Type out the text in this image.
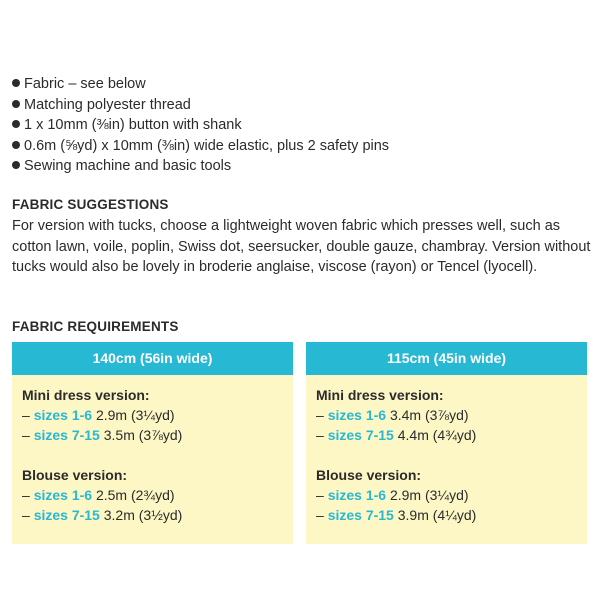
Fabric – see below
Matching polyester thread
1 x 10mm (⅜in) button with shank
0.6m (⅝yd) x 10mm (⅜in) wide elastic, plus 2 safety pins
Sewing machine and basic tools
FABRIC SUGGESTIONS
For version with tucks, choose a lightweight woven fabric which presses well, such as cotton lawn, voile, poplin, Swiss dot, seersucker, double gauze, chambray. Version without tucks would also be lovely in broderie anglaise, viscose (rayon) or Tencel (lyocell).
FABRIC REQUIREMENTS
140cm (56in wide)
Mini dress version:
– sizes 1-6 2.9m (3¼yd)
– sizes 7-15 3.5m (3⅞yd)
Blouse version:
– sizes 1-6 2.5m (2¾yd)
– sizes 7-15 3.2m (3½yd)
115cm (45in wide)
Mini dress version:
– sizes 1-6 3.4m (3⅞yd)
– sizes 7-15 4.4m (4¾yd)
Blouse version:
– sizes 1-6 2.9m (3¼yd)
– sizes 7-15 3.9m (4¼yd)
